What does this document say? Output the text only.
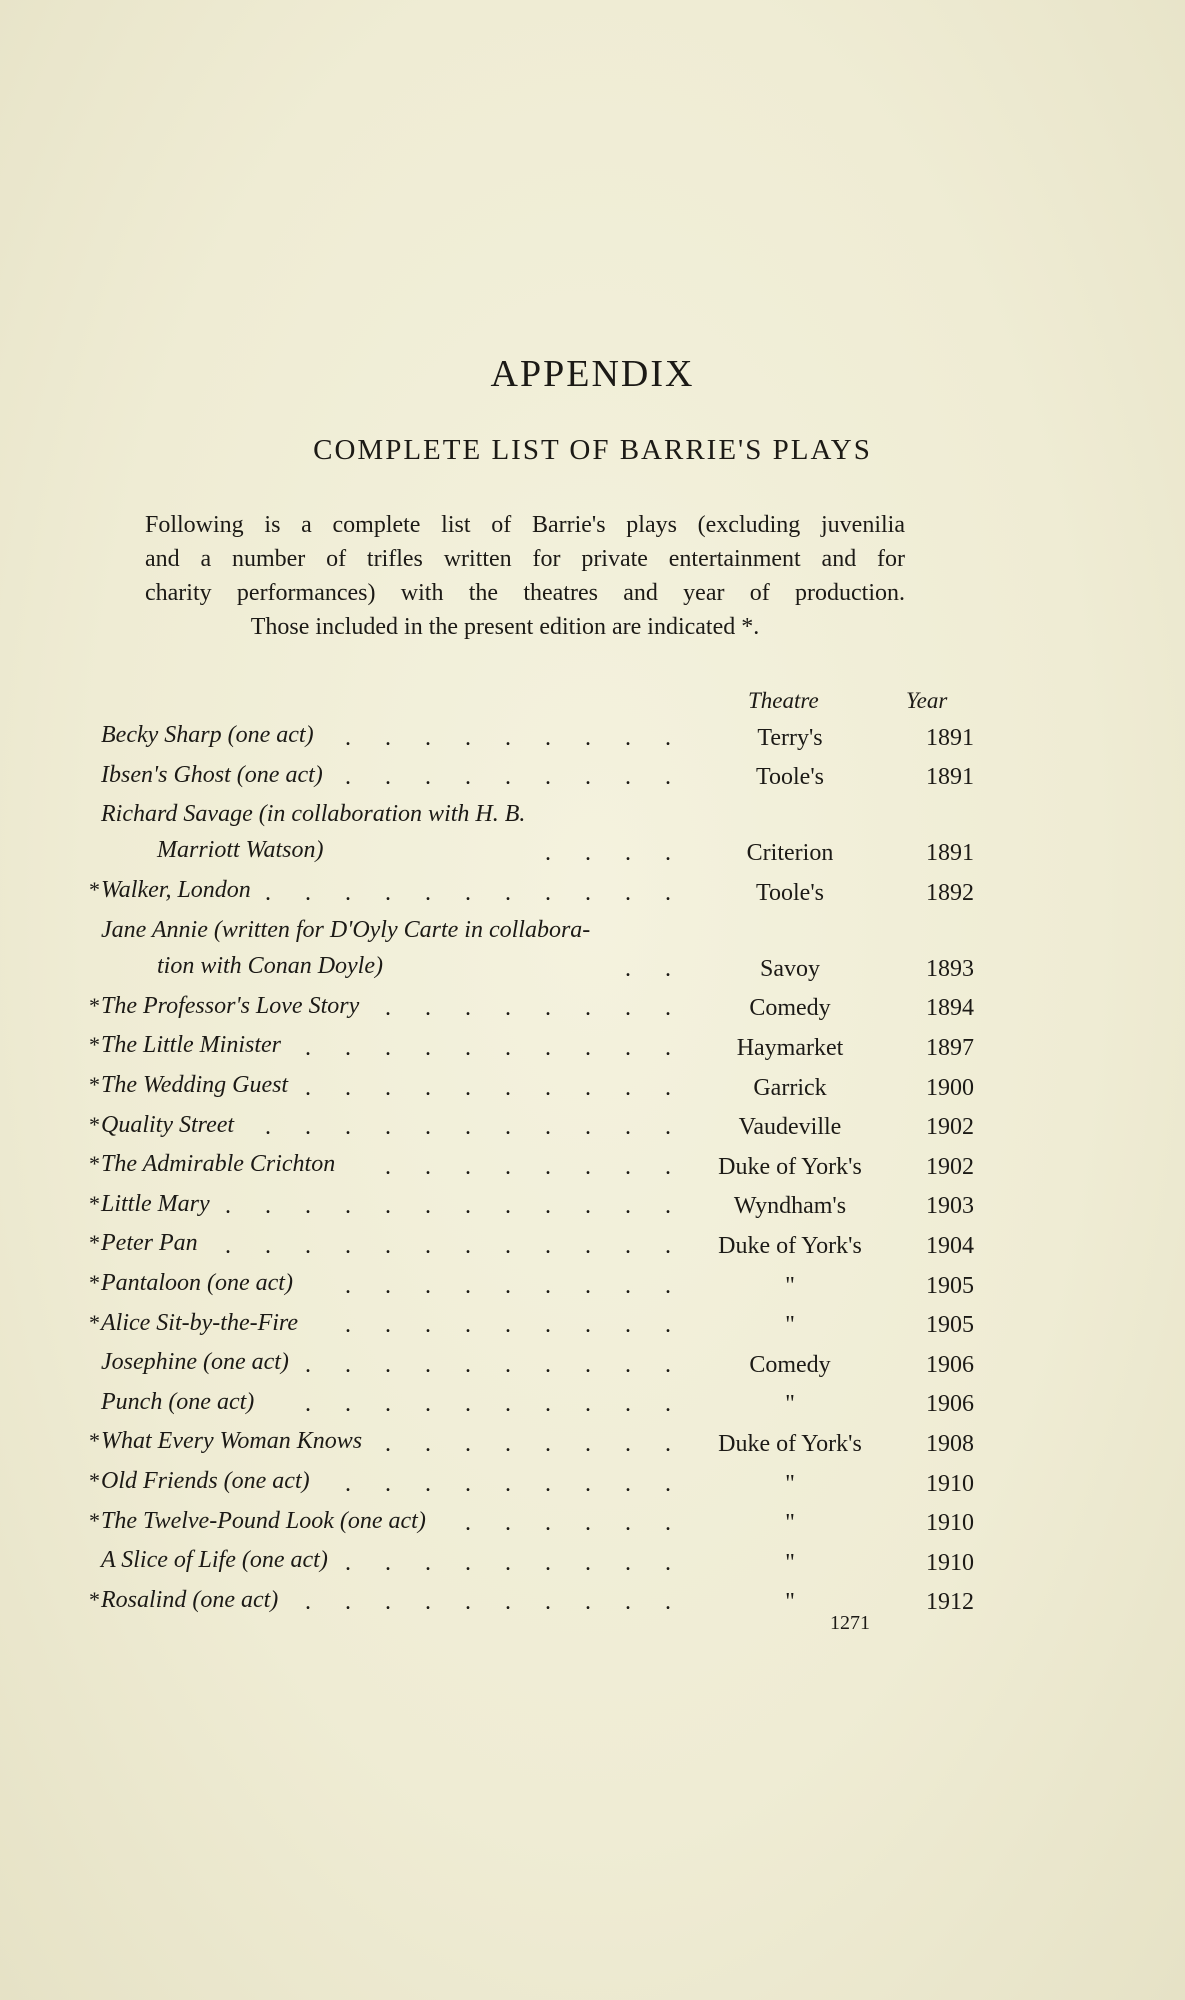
APPENDIX
COMPLETE LIST OF BARRIE'S PLAYS
Following is a complete list of Barrie's plays (excluding juvenilia
and a number of trifles written for private entertainment and for
charity performances) with the theatres and year of production.
Those included in the present edition are indicated *.
Theatre	Year
Becky Sharp (one act)	Terry's	1891
.
.
.
.
.
.
.
.
.
Ibsen's Ghost (one act)	Toole's	1891
.
.
.
.
.
.
.
.
.
Richard Savage (in collaboration with H. B.
Marriott Watson)	Criterion	1891
.
.
.
.
* Walker, London	Toole's	1892
.
.
.
.
.
.
.
.
.
.
.
Jane Annie (written for D'Oyly Carte in collabora-
tion with Conan Doyle)	Savoy	1893
.
.
* The Professor's Love Story	Comedy	1894
.
.
.
.
.
.
.
.
* The Little Minister	Haymarket	1897
.
.
.
.
.
.
.
.
.
.
* The Wedding Guest	Garrick	1900
.
.
.
.
.
.
.
.
.
.
* Quality Street	Vaudeville	1902
.
.
.
.
.
.
.
.
.
.
.
* The Admirable Crichton	Duke of York's	1902
.
.
.
.
.
.
.
.
* Little Mary	Wyndham's	1903
.
.
.
.
.
.
.
.
.
.
.
.
* Peter Pan	Duke of York's	1904
.
.
.
.
.
.
.
.
.
.
.
.
* Pantaloon (one act)	"	1905
.
.
.
.
.
.
.
.
.
* Alice Sit-by-the-Fire	"	1905
.
.
.
.
.
.
.
.
.
Josephine (one act)	Comedy	1906
.
.
.
.
.
.
.
.
.
.
Punch (one act)	"	1906
.
.
.
.
.
.
.
.
.
.
* What Every Woman Knows	Duke of York's	1908
.
.
.
.
.
.
.
.
* Old Friends (one act)	"	1910
.
.
.
.
.
.
.
.
.
* The Twelve-Pound Look (one act)	"	1910
.
.
.
.
.
.
A Slice of Life (one act)	"	1910
.
.
.
.
.
.
.
.
.
* Rosalind (one act)	"	1912
.
.
.
.
.
.
.
.
.
.
1271
